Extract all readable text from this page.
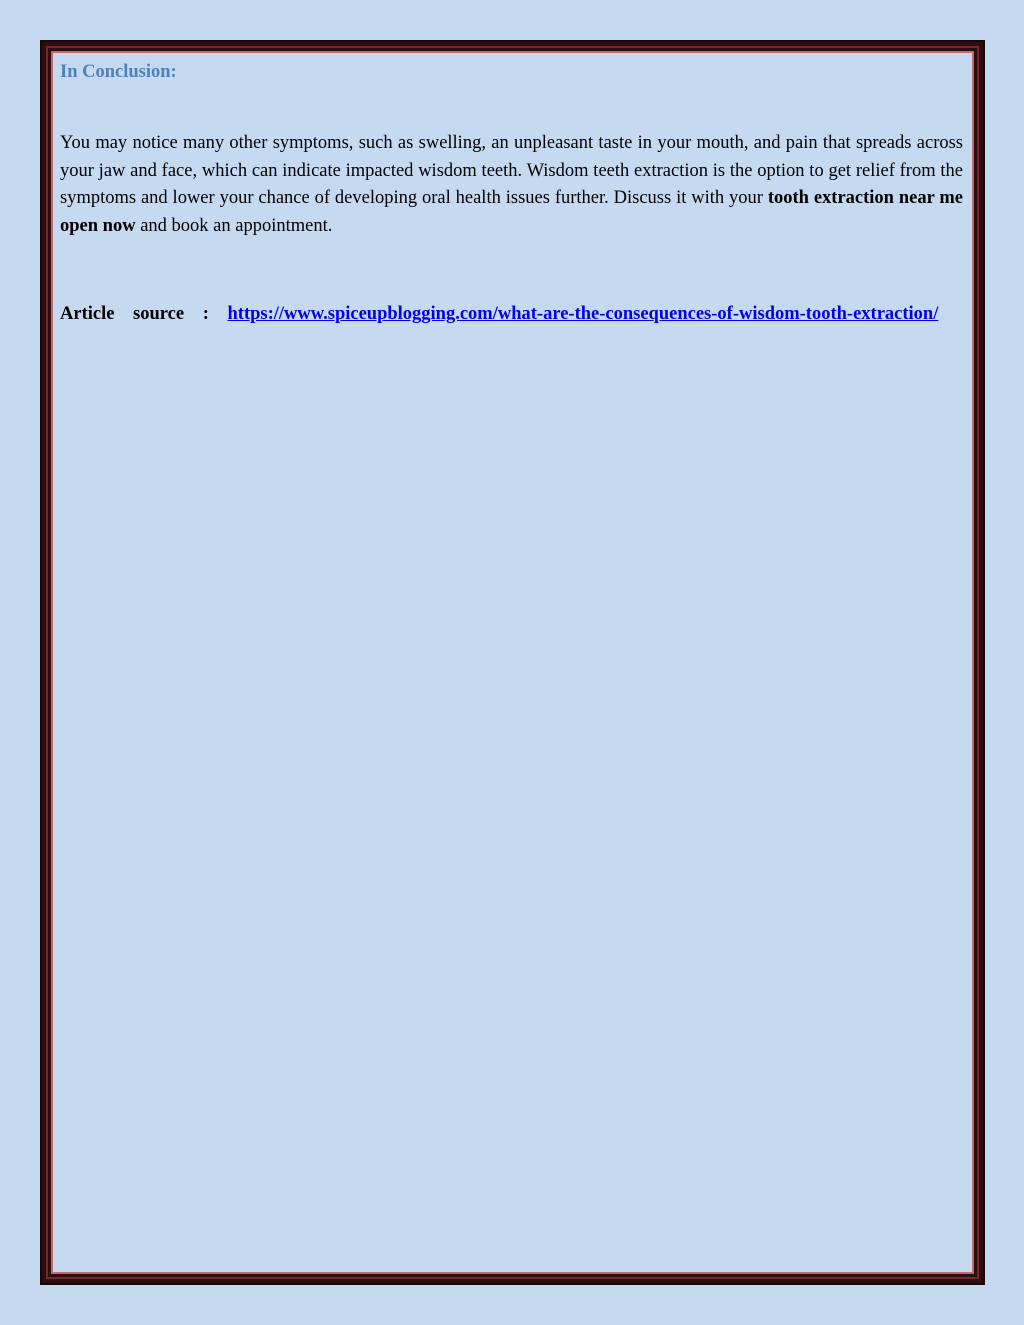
In Conclusion:

You may notice many other symptoms, such as swelling, an unpleasant taste in your mouth, and pain that spreads across your jaw and face, which can indicate impacted wisdom teeth. Wisdom teeth extraction is the option to get relief from the symptoms and lower your chance of developing oral health issues further. Discuss it with your tooth extraction near me open now and book an appointment.

Article source : https://www.spiceupblogging.com/what-are-the-consequences-of-wisdom-tooth-extraction/
